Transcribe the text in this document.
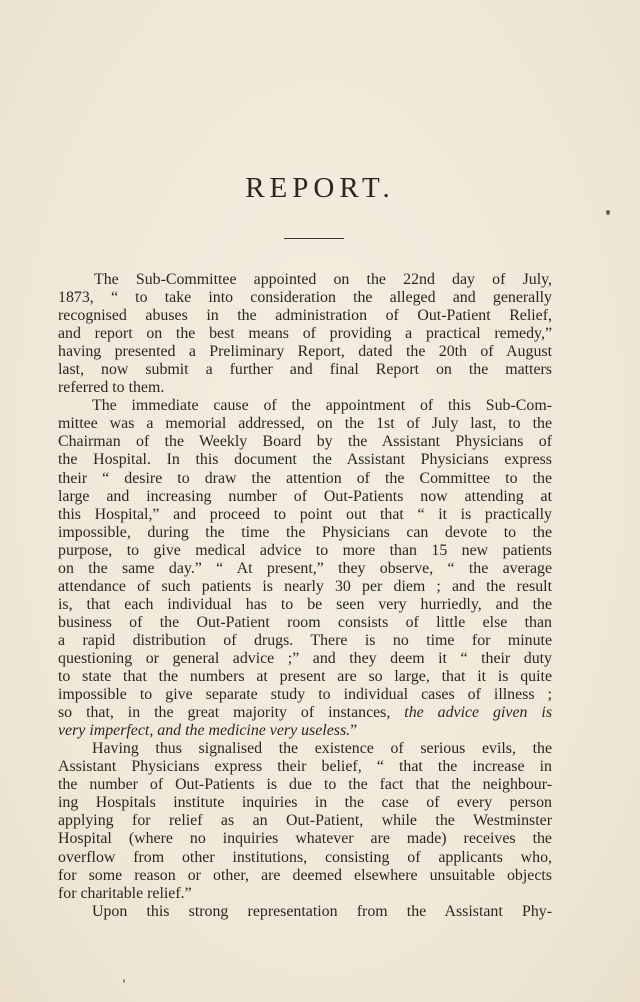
REPORT.
The Sub-Committee appointed on the 22nd day of July,
1873, “ to take into consideration the alleged and generally
recognised abuses in the administration of Out-Patient Relief,
and report on the best means of providing a practical remedy,”
having presented a Preliminary Report, dated the 20th of August
last, now submit a further and final Report on the matters
referred to them.
The immediate cause of the appointment of this Sub-Com-
mittee was a memorial addressed, on the 1st of July last, to the
Chairman of the Weekly Board by the Assistant Physicians of
the Hospital. In this document the Assistant Physicians express
their “ desire to draw the attention of the Committee to the
large and increasing number of Out-Patients now attending at
this Hospital,” and proceed to point out that “ it is practically
impossible, during the time the Physicians can devote to the
purpose, to give medical advice to more than 15 new patients
on the same day.” “ At present,” they observe, “ the average
attendance of such patients is nearly 30 per diem ; and the result
is, that each individual has to be seen very hurriedly, and the
business of the Out-Patient room consists of little else than
a rapid distribution of drugs. There is no time for minute
questioning or general advice ;” and they deem it “ their duty
to state that the numbers at present are so large, that it is quite
impossible to give separate study to individual cases of illness ;
so that, in the great majority of instances, the advice given is
very imperfect, and the medicine very useless.”
Having thus signalised the existence of serious evils, the
Assistant Physicians express their belief, “ that the increase in
the number of Out-Patients is due to the fact that the neighbour-
ing Hospitals institute inquiries in the case of every person
applying for relief as an Out-Patient, while the Westminster
Hospital (where no inquiries whatever are made) receives the
overflow from other institutions, consisting of applicants who,
for some reason or other, are deemed elsewhere unsuitable objects
for charitable relief.”
Upon this strong representation from the Assistant Phy-
